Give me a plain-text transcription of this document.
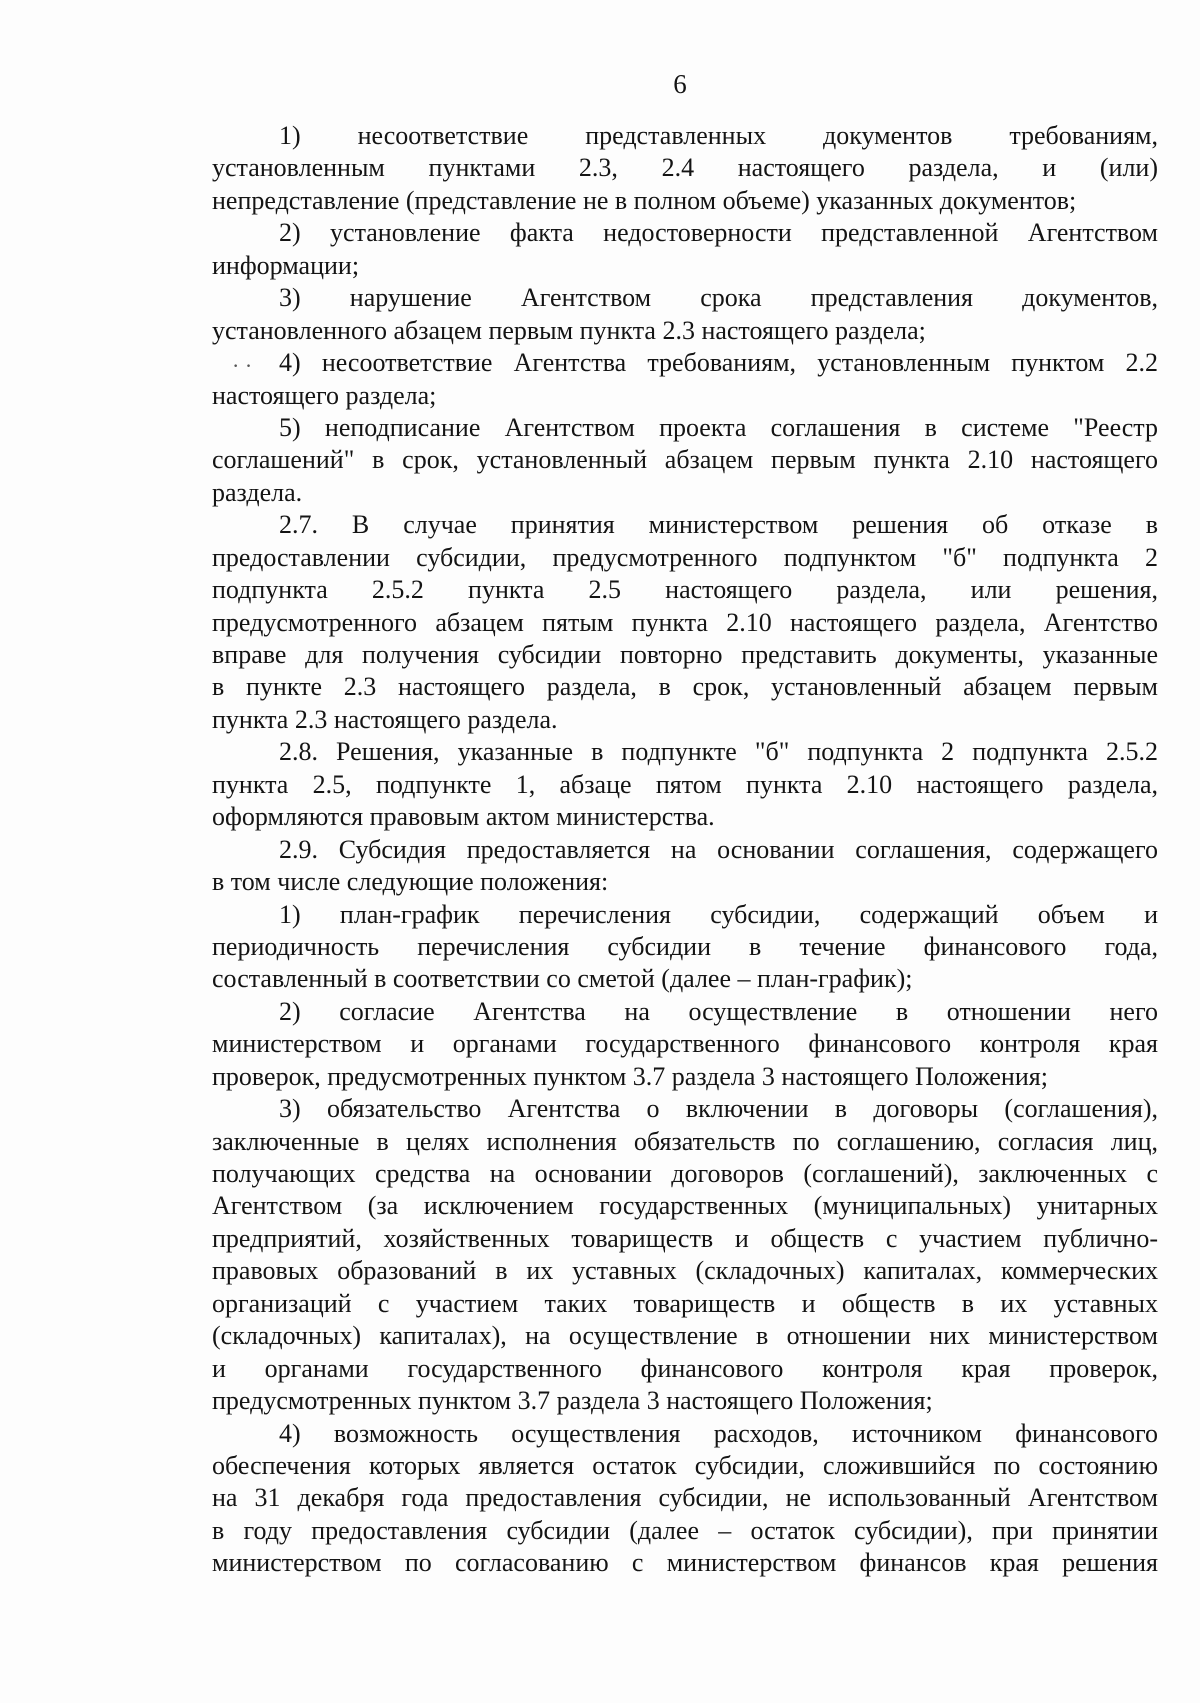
6
· ·
1) несоответствие представленных документов требованиям,
установленным пунктами 2.3, 2.4 настоящего раздела, и (или)
непредставление (представление не в полном объеме) указанных документов;
2) установление факта недостоверности представленной Агентством
информации;
3) нарушение Агентством срока представления документов,
установленного абзацем первым пункта 2.3 настоящего раздела;
4) несоответствие Агентства требованиям, установленным пунктом 2.2
настоящего раздела;
5) неподписание Агентством проекта соглашения в системе "Реестр
соглашений" в срок, установленный абзацем первым пункта 2.10 настоящего
раздела.
2.7. В случае принятия министерством решения об отказе в
предоставлении субсидии, предусмотренного подпунктом "б" подпункта 2
подпункта 2.5.2 пункта 2.5 настоящего раздела, или решения,
предусмотренного абзацем пятым пункта 2.10 настоящего раздела, Агентство
вправе для получения субсидии повторно представить документы, указанные
в пункте 2.3 настоящего раздела, в срок, установленный абзацем первым
пункта 2.3 настоящего раздела.
2.8. Решения, указанные в подпункте "б" подпункта 2 подпункта 2.5.2
пункта 2.5, подпункте 1, абзаце пятом пункта 2.10 настоящего раздела,
оформляются правовым актом министерства.
2.9. Субсидия предоставляется на основании соглашения, содержащего
в том числе следующие положения:
1) план-график перечисления субсидии, содержащий объем и
периодичность перечисления субсидии в течение финансового года,
составленный в соответствии со сметой (далее – план-график);
2) согласие Агентства на осуществление в отношении него
министерством и органами государственного финансового контроля края
проверок, предусмотренных пунктом 3.7 раздела 3 настоящего Положения;
3) обязательство Агентства о включении в договоры (соглашения),
заключенные в целях исполнения обязательств по соглашению, согласия лиц,
получающих средства на основании договоров (соглашений), заключенных с
Агентством (за исключением государственных (муниципальных) унитарных
предприятий, хозяйственных товариществ и обществ с участием публично-
правовых образований в их уставных (складочных) капиталах, коммерческих
организаций с участием таких товариществ и обществ в их уставных
(складочных) капиталах), на осуществление в отношении них министерством
и органами государственного финансового контроля края проверок,
предусмотренных пунктом 3.7 раздела 3 настоящего Положения;
4) возможность осуществления расходов, источником финансового
обеспечения которых является остаток субсидии, сложившийся по состоянию
на 31 декабря года предоставления субсидии, не использованный Агентством
в году предоставления субсидии (далее – остаток субсидии), при принятии
министерством по согласованию с министерством финансов края решения
